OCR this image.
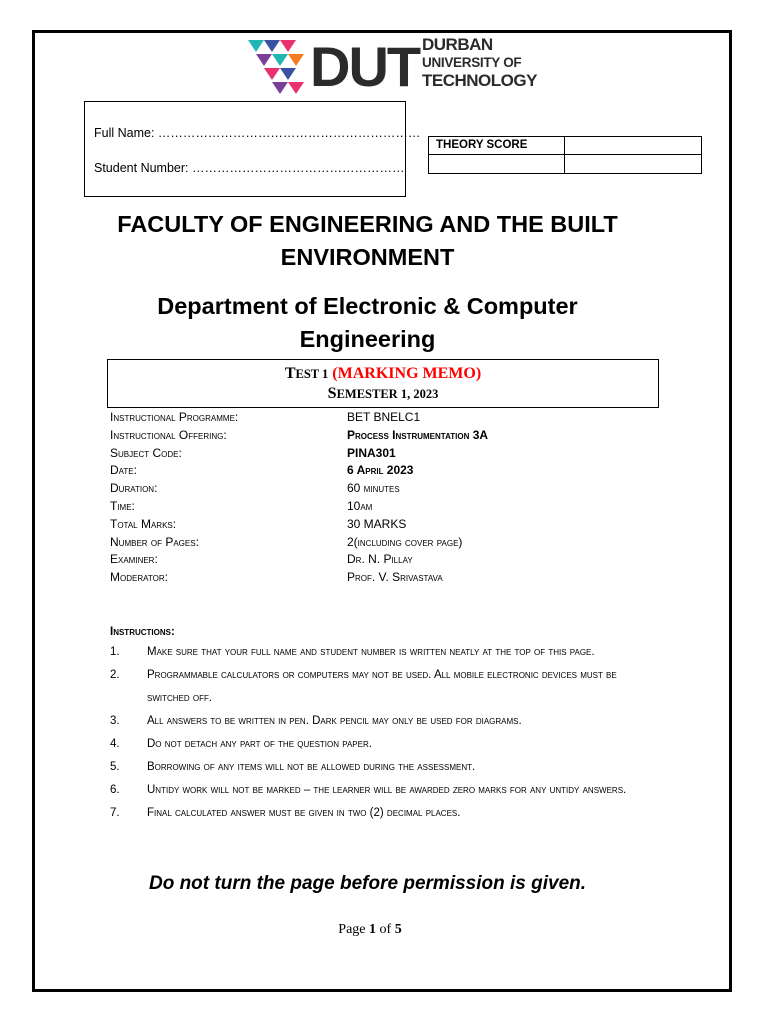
DUT DURBAN
UNIVERSITY OF
TECHNOLOGY
Full Name: ………………………………………………………
Student Number: ……………………………………………
THEORY SCORE
FACULTY OF ENGINEERING AND THE BUILT ENVIRONMENT
Department of Electronic & Computer Engineering
TEST 1 (MARKING MEMO)
SEMESTER 1, 2023
Instructional Programme:	BET BNELC1
Instructional Offering:	Process Instrumentation 3A
Subject Code:	PINA301
Date:	6 April 2023
Duration:	60 minutes
Time:	10am
Total Marks:	30 MARKS
Number of Pages:	2(including cover page)
Examiner:	Dr. N. Pillay
Moderator:	Prof. V. Srivastava
Instructions:
1. Make sure that your full name and student number is written neatly at the top of this page.
2. Programmable calculators or computers may not be used. All mobile electronic devices must be switched off.
3. All answers to be written in pen. Dark pencil may only be used for diagrams.
4. Do not detach any part of the question paper.
5. Borrowing of any items will not be allowed during the assessment.
6. Untidy work will not be marked – the learner will be awarded zero marks for any untidy answers.
7. Final calculated answer must be given in two (2) decimal places.
Do not turn the page before permission is given.
Page 1 of 5
